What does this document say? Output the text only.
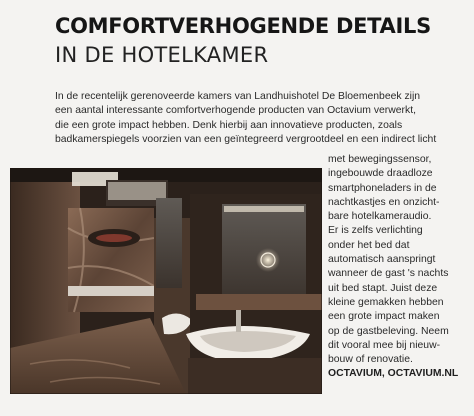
COMFORTVERHOGENDE DETAILS
IN DE HOTELKAMER
In de recentelijk gerenoveerde kamers van Landhuishotel De Bloemenbeek zijn
een aantal interessante comfortverhogende producten van Octavium verwerkt,
die een grote impact hebben. Denk hierbij aan innovatieve producten, zoals
badkamerspiegels voorzien van een geïntegreerd vergrootdeel en een indirect licht
met bewegingssensor,
ingebouwde draadloze
smartphoneladers in de
nachtkastjes en onzicht-
bare hotelkameraudio.
Er is zelfs verlichting
onder het bed dat
automatisch aanspringt
wanneer de gast 's nachts
uit bed stapt. Juist deze
kleine gemakken hebben
een grote impact maken
op de gastbeleving. Neem
dit vooral mee bij nieuw-
bouw of renovatie.
OCTAVIUM, OCTAVIUM.NL
